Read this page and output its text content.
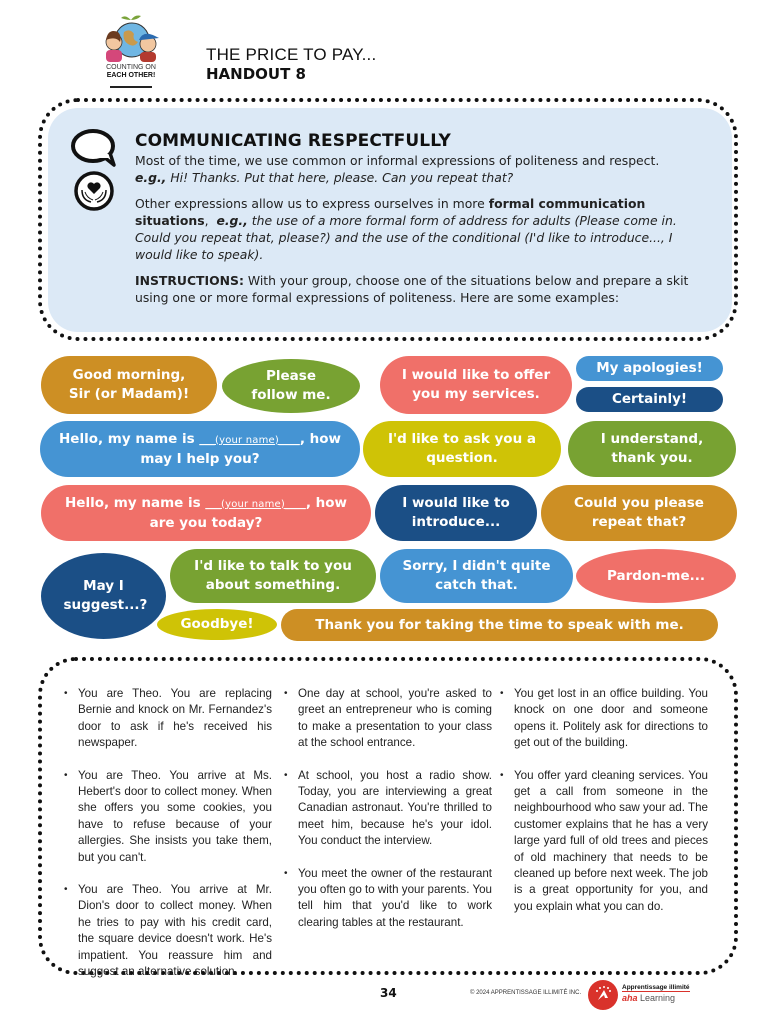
COUNTING ON
EACH OTHER!
THE PRICE TO PAY...
HANDOUT 8
COMMUNICATING RESPECTFULLY

Most of the time, we use common or informal expressions of politeness and respect.
e.g., Hi! Thanks. Put that here, please. Can you repeat that?

Other expressions allow us to express ourselves in more formal communication situations,  e.g., the use of a more formal form of address for adults (Please come in. Could you repeat that, please?) and the use of the conditional (I'd like to introduce..., I would like to speak).

INSTRUCTIONS: With your group, choose one of the situations below and prepare a skit using one or more formal expressions of politeness. Here are some examples:

Good morning, Sir (or Madam)!
Please follow me.
I would like to offer you my services.
My apologies!
Certainly!
Hello, my name is ___(your name)____, how may I help you?
I'd like to ask you a question.
I understand, thank you.
Hello, my name is ___(your name)____, how are you today?
I would like to introduce...
Could you please repeat that?
May I suggest...?
I'd like to talk to you about something.
Sorry, I didn't quite catch that.
Pardon-me...
Goodbye!	Thank you for taking the time to speak with me.
• You are Theo. You are replacing Bernie and knock on Mr. Fernandez's door to ask if he's received his newspaper.
• You are Theo. You arrive at Ms. Hebert's door to collect money. When she offers you some cookies, you have to refuse because of your allergies. She insists you take them, but you can't.
• You are Theo. You arrive at Mr. Dion's door to collect money. When he tries to pay with his credit card, the square device doesn't work. He's impatient. You reassure him and suggest an alternative solution.
• One day at school, you're asked to greet an entrepreneur who is coming to make a presentation to your class at the school entrance.
• At school, you host a radio show. Today, you are interviewing a great Canadian astronaut. You're thrilled to meet him, because he's your idol. You conduct the interview.
• You meet the owner of the restaurant you often go to with your parents. You tell him that you'd like to work clearing tables at the restaurant.
• You get lost in an office building. You knock on one door and someone opens it. Politely ask for directions to get out of the building.
• You offer yard cleaning services. You get a call from someone in the neighbourhood who saw your ad. The customer explains that he has a very large yard full of old trees and pieces of old machinery that needs to be cleaned up before next week. The job is a great opportunity for you, and you explain what you can do.
34	© 2024 APPRENTISSAGE ILLIMITÉ INC.
Apprentissage illimité
aha Learning
